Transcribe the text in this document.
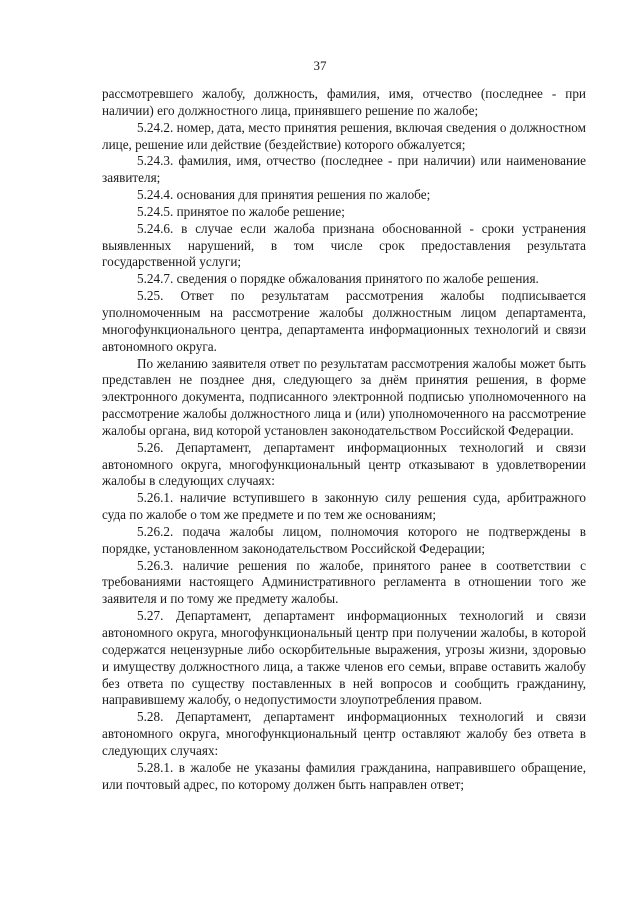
37

рассмотревшего жалобу, должность, фамилия, имя, отчество (последнее - при наличии) его должностного лица, принявшего решение по жалобе;

5.24.2. номер, дата, место принятия решения, включая сведения о должностном лице, решение или действие (бездействие) которого обжалуется;

5.24.3. фамилия, имя, отчество (последнее - при наличии) или наименование заявителя;

5.24.4. основания для принятия решения по жалобе;

5.24.5. принятое по жалобе решение;

5.24.6. в случае если жалоба признана обоснованной - сроки устранения выявленных нарушений, в том числе срок предоставления результата государственной услуги;

5.24.7. сведения о порядке обжалования принятого по жалобе решения.

5.25. Ответ по результатам рассмотрения жалобы подписывается уполномоченным на рассмотрение жалобы должностным лицом департамента, многофункционального центра, департамента информационных технологий и связи автономного округа.

По желанию заявителя ответ по результатам рассмотрения жалобы может быть представлен не позднее дня, следующего за днём принятия решения, в форме электронного документа, подписанного электронной подписью уполномоченного на рассмотрение жалобы должностного лица и (или) уполномоченного на рассмотрение жалобы органа, вид которой установлен законодательством Российской Федерации.

5.26. Департамент, департамент информационных технологий и связи автономного округа, многофункциональный центр отказывают в удовлетворении жалобы в следующих случаях:

5.26.1. наличие вступившего в законную силу решения суда, арбитражного суда по жалобе о том же предмете и по тем же основаниям;

5.26.2. подача жалобы лицом, полномочия которого не подтверждены в порядке, установленном законодательством Российской Федерации;

5.26.3. наличие решения по жалобе, принятого ранее в соответствии с требованиями настоящего Административного регламента в отношении того же заявителя и по тому же предмету жалобы.

5.27. Департамент, департамент информационных технологий и связи автономного округа, многофункциональный центр при получении жалобы, в которой содержатся нецензурные либо оскорбительные выражения, угрозы жизни, здоровью и имуществу должностного лица, а также членов его семьи, вправе оставить жалобу без ответа по существу поставленных в ней вопросов и сообщить гражданину, направившему жалобу, о недопустимости злоупотребления правом.

5.28. Департамент, департамент информационных технологий и связи автономного округа, многофункциональный центр оставляют жалобу без ответа в следующих случаях:

5.28.1. в жалобе не указаны фамилия гражданина, направившего обращение, или почтовый адрес, по которому должен быть направлен ответ;
